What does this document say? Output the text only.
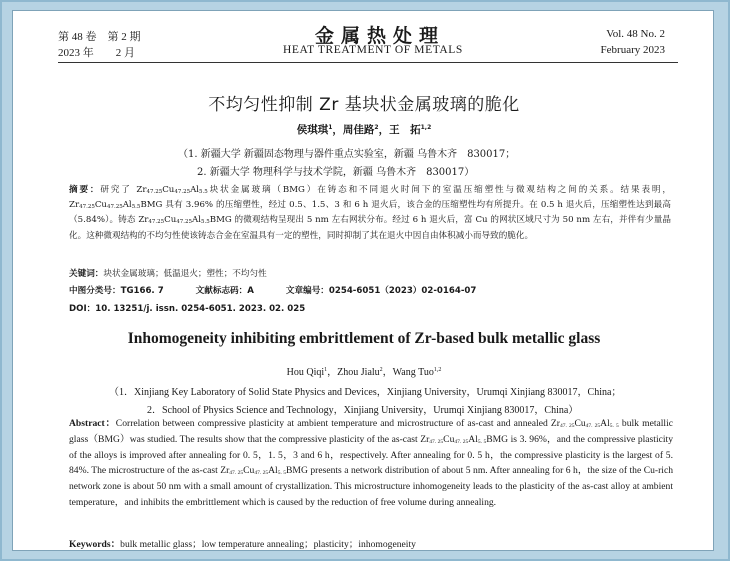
第 48 卷　第 2 期
2023 年　　2 月
金属热处理
HEAT TREATMENT OF METALS
Vol. 48 No. 2
February 2023
不均匀性抑制 Zr 基块状金属玻璃的脆化
侯琪琪$^1$，周佳路$^2$，王　拓$^{1,2}$
（1. 新疆大学 新疆固态物理与器件重点实验室，新疆 乌鲁木齐　830017；
2. 新疆大学 物理科学与技术学院，新疆 乌鲁木齐　830017）
摘要：研究了 $Zr_{47.25}Cu_{47.25}Al_{5.5}$块状金属玻璃（BMG）在铸态和不同退火时间下的室温压缩塑性与微观结构之间的关系。结果表明，$Zr_{47.25}Cu_{47.25}Al_{5.5}BMG$ 具有 3.96% 的压缩塑性，经过 0.5、1.5、3 和 6 h 退火后，该合金的压缩塑性均有所提升。在 0.5 h 退火后，压缩塑性达到最高（5.84%）。铸态 $Zr_{47.25}Cu_{47.25}Al_{5.5}BMG$ 的微观结构呈现出 5 nm 左右网状分布。经过 6 h 退火后，富 Cu 的网状区域尺寸为 50 nm 左右，并伴有少量晶化。这种微观结构的不均匀性使该铸态合金在室温具有一定的塑性，同时抑制了其在退火中因自由体积减小而导致的脆化。
关键词：块状金属玻璃；低温退火；塑性；不均匀性
中图分类号：TG166. 7	文献标志码：A	文章编号：0254-6051（2023）02-0164-07
DOI：10. 13251/j. issn. 0254-6051. 2023. 02. 025
Inhomogeneity inhibiting embrittlement of Zr-based bulk metallic glass
Hou Qiqi$^1$，Zhou Jialu$^2$，Wang Tuo$^{1,2}$
（1．Xinjiang Key Laboratory of Solid State Physics and Devices，Xinjiang University，Urumqi Xinjiang 830017，China；
2．School of Physics Science and Technology，Xinjiang University，Urumqi Xinjiang 830017，China）
Abstract：Correlation between compressive plasticity at ambient temperature and microstructure of as-cast and annealed $Zr_{47. 25}Cu_{47. 25}Al_{5. 5}$ bulk metallic glass（BMG）was studied. The results show that the compressive plasticity of the as-cast $Zr_{47. 25}Cu_{47. 25}Al_{5. 5}BMG$ is 3. 96%，and the compressive plasticity of the alloys is improved after annealing for 0. 5，1. 5，3 and 6 h，respectively. After annealing for 0. 5 h，the compressive plasticity is the largest of 5. 84%. The microstructure of the as-cast $Zr_{47. 25}Cu_{47. 25}Al_{5. 5}BMG$ presents a network distribution of about 5 nm. After annealing for 6 h，the size of the Cu-rich network zone is about 50 nm with a small amount of crystallization. This microstructure inhomogeneity leads to the plasticity of the as-cast alloy at ambient temperature，and inhibits the embrittlement which is caused by the reduction of free volume during annealing.
Keywords：bulk metallic glass；low temperature annealing；plasticity；inhomogeneity
